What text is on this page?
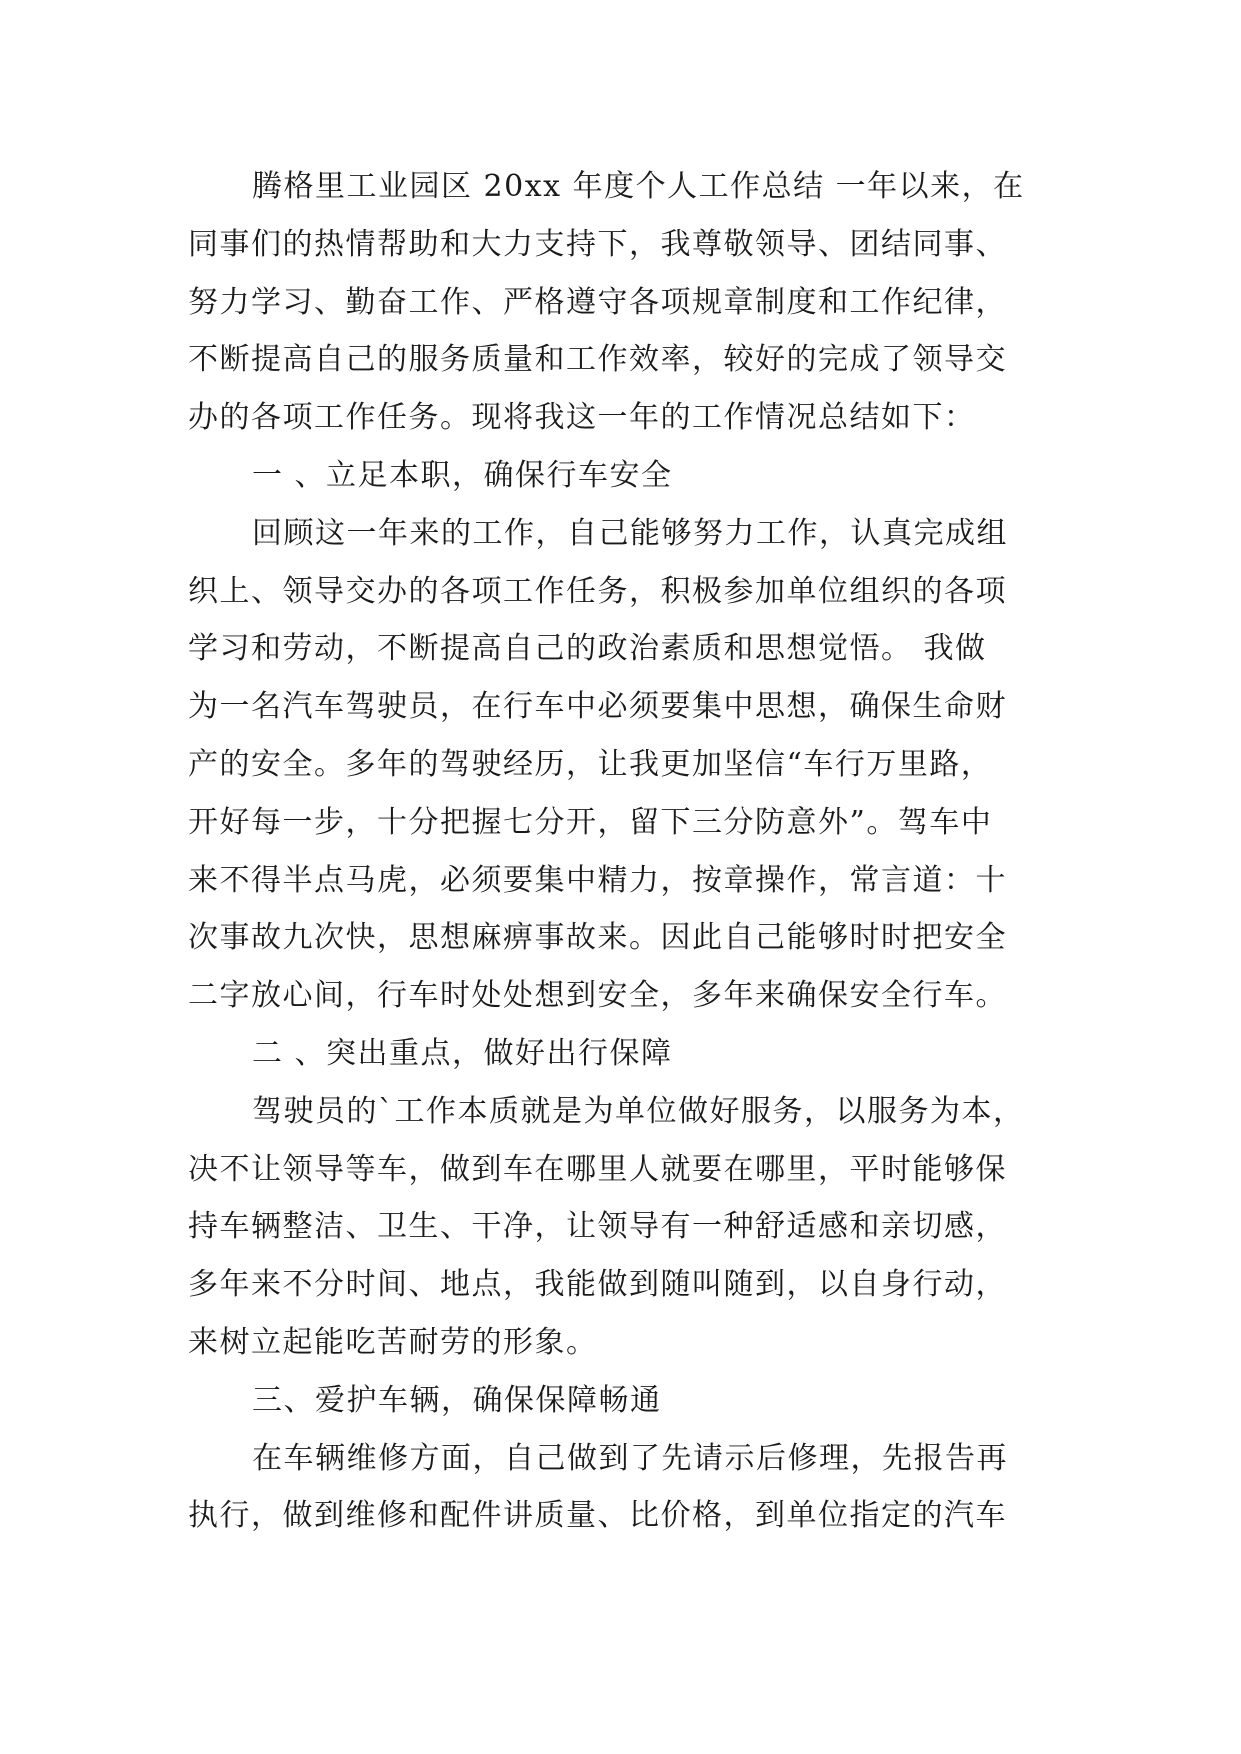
腾格里工业园区 20xx 年度个人工作总结 一年以来，在
同事们的热情帮助和大力支持下，我尊敬领导、团结同事、
努力学习、勤奋工作、严格遵守各项规章制度和工作纪律，
不断提高自己的服务质量和工作效率，较好的完成了领导交
办的各项工作任务。现将我这一年的工作情况总结如下：
一 、立足本职，确保行车安全
回顾这一年来的工作，自己能够努力工作，认真完成组
织上、领导交办的各项工作任务，积极参加单位组织的各项
学习和劳动，不断提高自己的政治素质和思想觉悟。 我做
为一名汽车驾驶员，在行车中必须要集中思想，确保生命财
产的安全。多年的驾驶经历，让我更加坚信“车行万里路，
开好每一步，十分把握七分开，留下三分防意外”。驾车中
来不得半点马虎，必须要集中精力，按章操作，常言道：十
次事故九次快，思想麻痹事故来。因此自己能够时时把安全
二字放心间，行车时处处想到安全，多年来确保安全行车。
二 、突出重点，做好出行保障
驾驶员的`工作本质就是为单位做好服务，以服务为本，
决不让领导等车，做到车在哪里人就要在哪里，平时能够保
持车辆整洁、卫生、干净，让领导有一种舒适感和亲切感，
多年来不分时间、地点，我能做到随叫随到，以自身行动，
来树立起能吃苦耐劳的形象。
三、爱护车辆，确保保障畅通
在车辆维修方面，自己做到了先请示后修理，先报告再
执行，做到维修和配件讲质量、比价格，到单位指定的汽车
